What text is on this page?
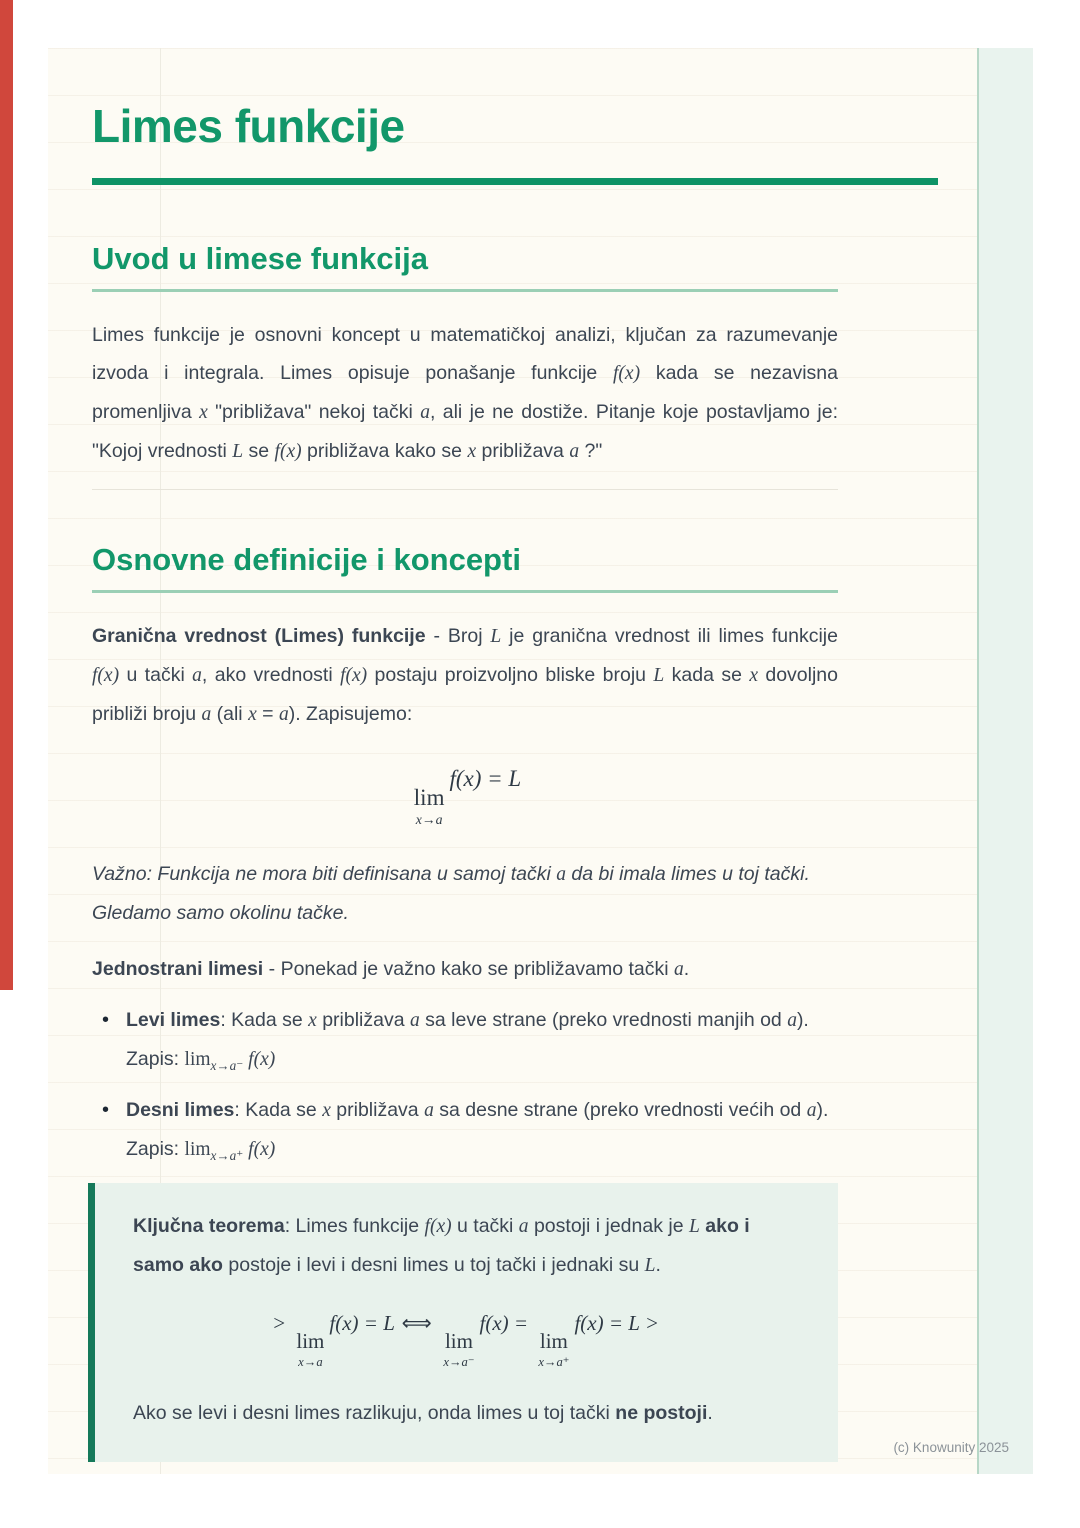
Limes funkcije
Uvod u limese funkcija

Limes funkcije je osnovni koncept u matematičkoj analizi, ključan za razumevanje izvoda i integrala. Limes opisuje ponašanje funkcije f(x) kada se nezavisna promenljiva x "približava" nekoj tački a, ali je ne dostiže. Pitanje koje postavljamo je: "Kojoj vrednosti L se f(x) približava kako se x približava a ?"

Osnovne definicije i koncepti

Granična vrednost (Limes) funkcije - Broj L je granična vrednost ili limes funkcije f(x) u tački a, ako vrednosti f(x) postaju proizvoljno bliske broju L kada se x dovoljno približi broju a (ali x = a). Zapisujemo:

lim
x→a
f(x) = L

Važno: Funkcija ne mora biti definisana u samoj tački a da bi imala limes u toj tački. Gledamo samo okolinu tačke.

Jednostrani limesi - Ponekad je važno kako se približavamo tački a.

• Levi limes: Kada se x približava a sa leve strane (preko vrednosti manjih od a). Zapis: $\lim_{x\to a^-} f(x)$
• Desni limes: Kada se x približava a sa desne strane (preko vrednosti većih od a). Zapis: $\lim_{x\to a^+} f(x)$

Ključna teorema: Limes funkcije f(x) u tački a postoji i jednak je L ako i samo ako postoje i levi i desni limes u toj tački i jednaki su L.

>
lim
x→a
f(x) = L ⟺
lim
x→a⁻
f(x) =
lim
x→a⁺
f(x) = L >

Ako se levi i desni limes razlikuju, onda limes u toj tački ne postoji.

(c) Knowunity 2025
